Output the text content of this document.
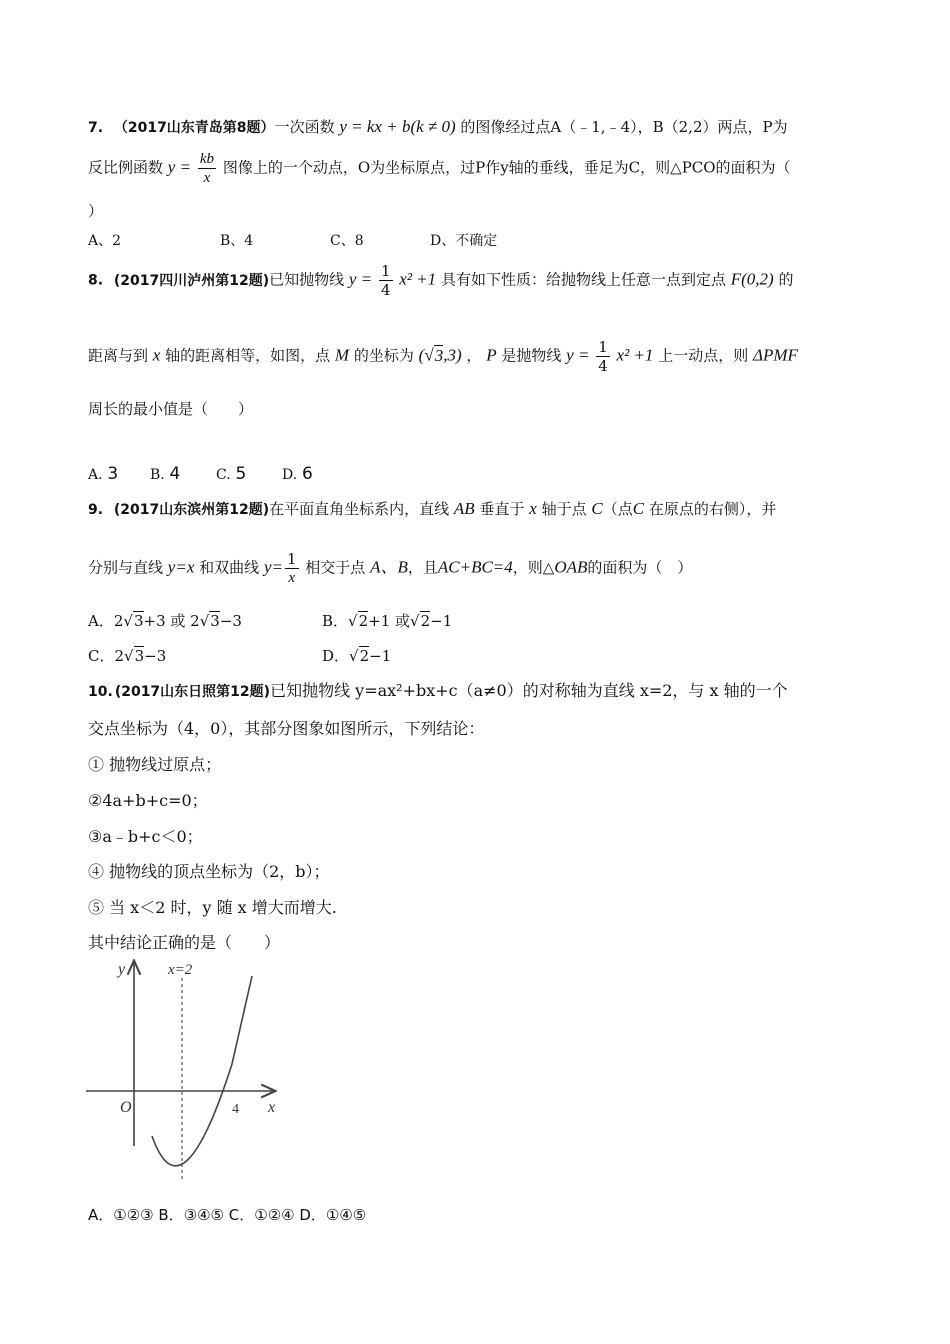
7. （2017山东青岛第8题）一次函数 y = kx + b(k ≠ 0) 的图像经过点A（﹣1,﹣4），B（2,2）两点，P为
反比例函数 $y = \frac{kb}{x}$ 图像上的一个动点，O为坐标原点，过P作y轴的垂线，垂足为C，则△PCO的面积为（
）
A、2	B、4	C、8	D、不确定
8. (2017四川泸州第12题)已知抛物线 $y = \frac{1}{4} x^2 +1$ 具有如下性质：给抛物线上任意一点到定点 F(0,2) 的
距离与到 x 轴的距离相等，如图，点 M 的坐标为 (√3,3) ， P 是抛物线 $y = \frac{1}{4} x^2 +1$ 上一动点，则 ΔPMF
周长的最小值是（　　）
A. 3 B. 4	C. 5	D. 6
9. (2017山东滨州第12题)在平面直角坐标系内，直线 AB 垂直于 x 轴于点 C（点C 在原点的右侧），并
分别与直线 y=x 和双曲线 $y= \frac{1}{x}$ 相交于点 A、B，且AC+BC=4，则△OAB的面积为（　）
A．2√3+3 或 2√3−3	B．√2+1 或√2−1
C．2√3−3	D．√2−1
10. (2017山东日照第12题)已知抛物线 y=ax²+bx+c（a≠0）的对称轴为直线 x=2，与 x 轴的一个
交点坐标为（4，0），其部分图象如图所示，下列结论：
① 抛物线过原点；
②4a+b+c=0；
③a﹣b+c＜0；
④ 抛物线的顶点坐标为（2，b）；
⑤ 当 x＜2 时，y 随 x 增大而增大.
其中结论正确的是（　　）
y
x
x=2
O	4
A．①②③ B．③④⑤ C．①②④ D．①④⑤
